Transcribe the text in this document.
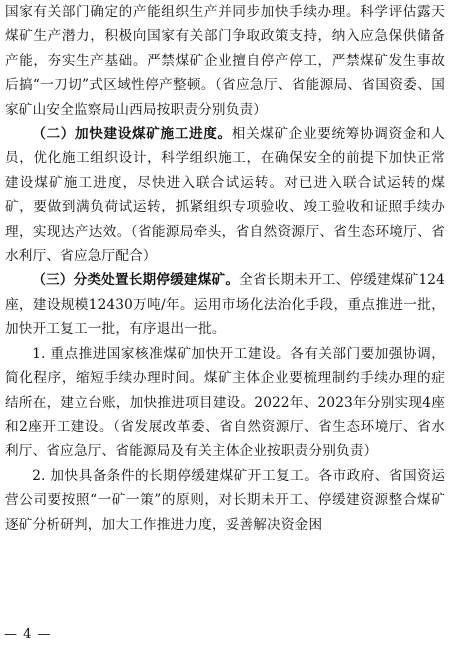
国家有关部门确定的产能组织生产并同步加快手续办理。科学评估露天煤矿生产潜力，积极向国家有关部门争取政策支持，纳入应急保供储备产能，夯实生产基础。严禁煤矿企业擅自停产停工，严禁煤矿发生事故后搞“一刀切”式区域性停产整顿。（省应急厅、省能源局、省国资委、国家矿山安全监察局山西局按职责分别负责）

（二）加快建设煤矿施工进度。相关煤矿企业要统筹协调资金和人员，优化施工组织设计，科学组织施工，在确保安全的前提下加快正常建设煤矿施工进度，尽快进入联合试运转。对已进入联合试运转的煤矿，要做到满负荷试运转，抓紧组织专项验收、竣工验收和证照手续办理，实现达产达效。（省能源局牵头，省自然资源厅、省生态环境厅、省水利厅、省应急厅配合）

（三）分类处置长期停缓建煤矿。全省长期未开工、停缓建煤矿124座，建设规模12430万吨/年。运用市场化法治化手段，重点推进一批，加快开工复工一批，有序退出一批。

1. 重点推进国家核准煤矿加快开工建设。各有关部门要加强协调，简化程序，缩短手续办理时间。煤矿主体企业要梳理制约手续办理的症结所在，建立台账，加快推进项目建设。2022年、2023年分别实现4座和2座开工建设。（省发展改革委、省自然资源厅、省生态环境厅、省水利厅、省应急厅、省能源局及有关主体企业按职责分别负责）

2. 加快具备条件的长期停缓建煤矿开工复工。各市政府、省国资运营公司要按照“一矿一策”的原则，对长期未开工、停缓建资源整合煤矿逐矿分析研判，加大工作推进力度，妥善解决资金困

— 4 —
